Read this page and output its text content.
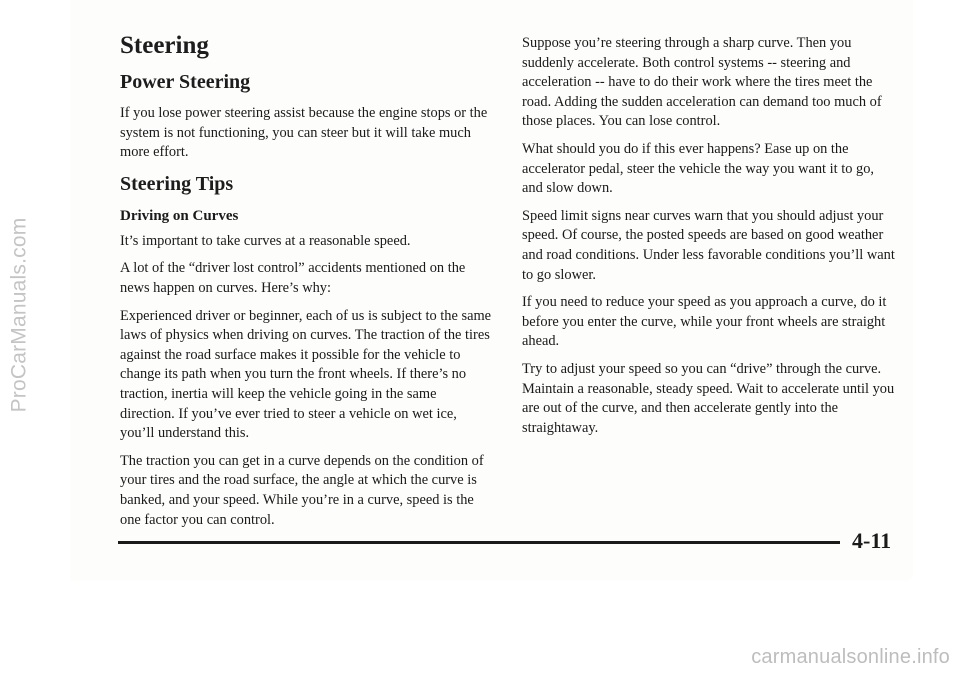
ProCarManuals.com
Steering
Power Steering

If you lose power steering assist because the engine stops or the system is not functioning, you can steer but it will take much more effort.

Steering Tips
Driving on Curves

It’s important to take curves at a reasonable speed.

A lot of the “driver lost control” accidents mentioned on the news happen on curves. Here’s why:

Experienced driver or beginner, each of us is subject to the same laws of physics when driving on curves. The traction of the tires against the road surface makes it possible for the vehicle to change its path when you turn the front wheels. If there’s no traction, inertia will keep the vehicle going in the same direction. If you’ve ever tried to steer a vehicle on wet ice, you’ll understand this.

The traction you can get in a curve depends on the condition of your tires and the road surface, the angle at which the curve is banked, and your speed. While you’re in a curve, speed is the one factor you can control.

Suppose you’re steering through a sharp curve. Then you suddenly accelerate. Both control systems -- steering and acceleration -- have to do their work where the tires meet the road. Adding the sudden acceleration can demand too much of those places. You can lose control.

What should you do if this ever happens? Ease up on the accelerator pedal, steer the vehicle the way you want it to go, and slow down.

Speed limit signs near curves warn that you should adjust your speed. Of course, the posted speeds are based on good weather and road conditions. Under less favorable conditions you’ll want to go slower.

If you need to reduce your speed as you approach a curve, do it before you enter the curve, while your front wheels are straight ahead.

Try to adjust your speed so you can “drive” through the curve. Maintain a reasonable, steady speed. Wait to accelerate until you are out of the curve, and then accelerate gently into the straightaway.

4-11
carmanualsonline.info
